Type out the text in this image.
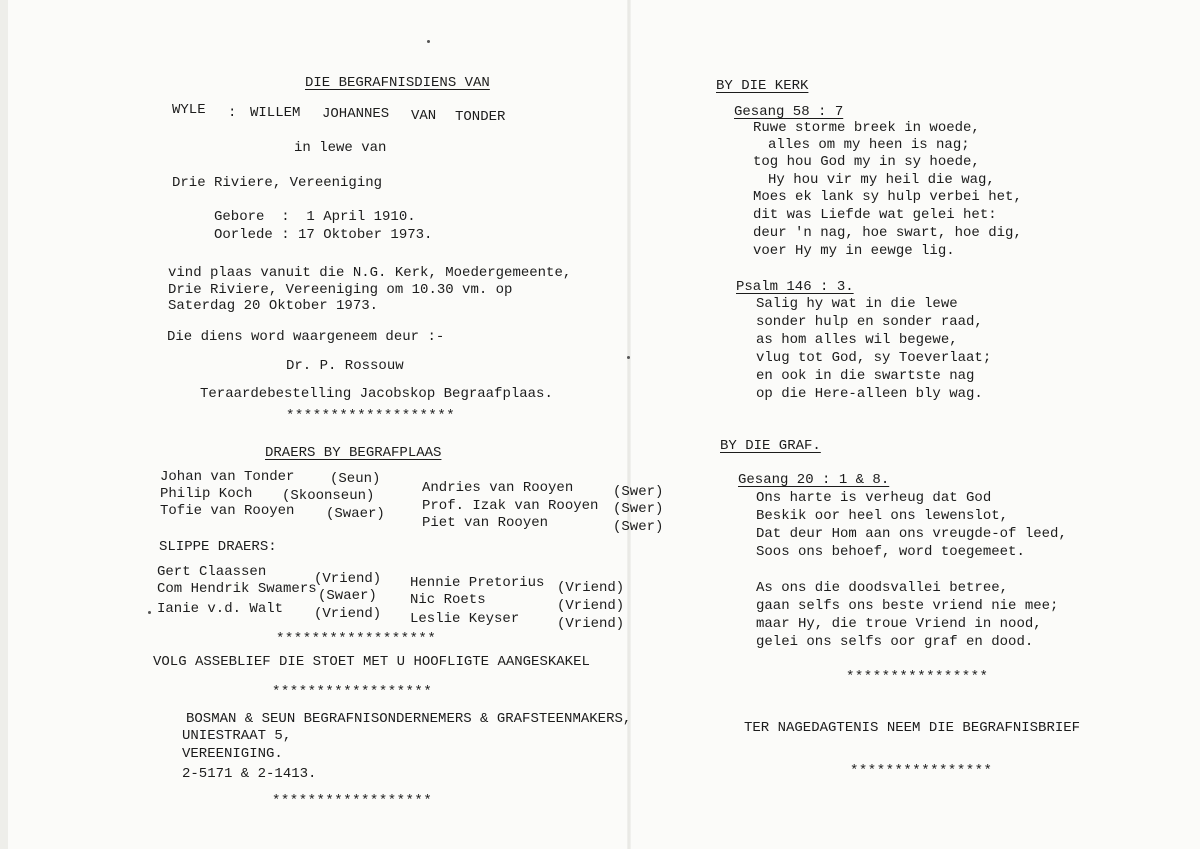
DIE BEGRAFNISDIENS VAN
WYLE : WILLEM JOHANNES VAN TONDER
in lewe van
Drie Riviere, Vereeniging
Gebore  :  1 April 1910.
Oorlede : 17 Oktober 1973.
vind plaas vanuit die N.G. Kerk, Moedergemeente,
Drie Riviere, Vereeniging om 10.30 vm. op
Saterdag 20 Oktober 1973.
Die diens word waargeneem deur :-
Dr. P. Rossouw
Teraardebestelling Jacobskop Begraafplaas.
*******************
DRAERS BY BEGRAFPLAAS
Johan van Tonder	(Seun)
Philip Koch (Skoonseun)
Tofie van Rooyen (Swaer)
Andries van Rooyen	(Swer)
Prof. Izak van Rooyen (Swer)
Piet van Rooyen	(Swer)
SLIPPE DRAERS:
Gert Claassen	(Vriend)
Com Hendrik Swamers (Swaer)
Ianie v.d. Walt (Vriend)
Hennie Pretorius (Vriend)
Nic Roets	(Vriend)
Leslie Keyser	(Vriend)
******************
VOLG ASSEBLIEF DIE STOET MET U HOOFLIGTE AANGESKAKEL
******************
BOSMAN & SEUN BEGRAFNISONDERNEMERS & GRAFSTEENMAKERS,
UNIESTRAAT 5,
VEREENIGING.
2-5171 & 2-1413.
******************
BY DIE KERK
Gesang 58 : 7
Ruwe storme breek in woede,
alles om my heen is nag;
tog hou God my in sy hoede,
Hy hou vir my heil die wag,
Moes ek lank sy hulp verbei het,
dit was Liefde wat gelei het:
deur 'n nag, hoe swart, hoe dig,
voer Hy my in eewge lig.
Psalm 146 : 3.
Salig hy wat in die lewe
sonder hulp en sonder raad,
as hom alles wil begewe,
vlug tot God, sy Toeverlaat;
en ook in die swartste nag
op die Here-alleen bly wag.
BY DIE GRAF.
Gesang 20 : 1 & 8.
Ons harte is verheug dat God
Beskik oor heel ons lewenslot,
Dat deur Hom aan ons vreugde-of leed,
Soos ons behoef, word toegemeet.
As ons die doodsvallei betree,
gaan selfs ons beste vriend nie mee;
maar Hy, die troue Vriend in nood,
gelei ons selfs oor graf en dood.
****************
TER NAGEDAGTENIS NEEM DIE BEGRAFNISBRIEF
****************
